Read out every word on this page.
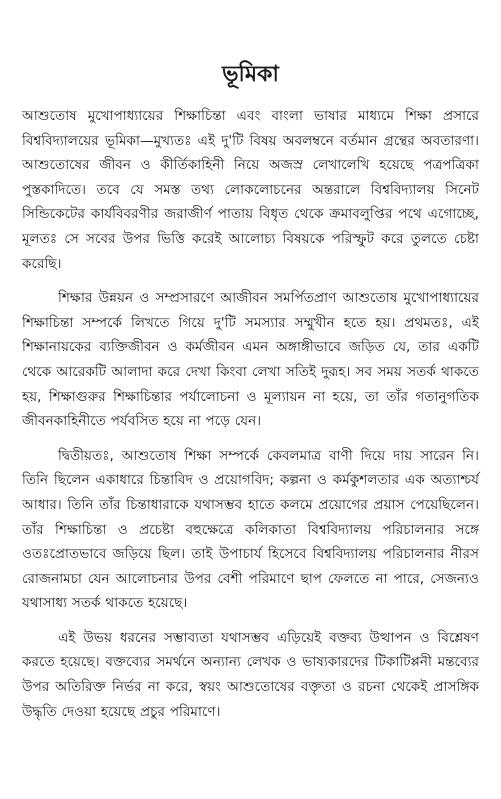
ভূমিকা

আশুতোষ মুখোপাধ্যায়ের শিক্ষাচিন্তা এবং বাংলা ভাষার মাধ্যমে শিক্ষা প্রসারে বিশ্ববিদ্যালয়ের ভূমিকা—মুখ্যতঃ এই দু'টি বিষয় অবলম্বনে বর্তমান গ্রন্থের অবতারণা। আশুতোষের জীবন ও কীর্তিকাহিনী নিয়ে অজস্র লেখালেখি হয়েছে পত্রপত্রিকা পুস্তকাদিতে। তবে যে সমস্ত তথ্য লোকলোচনের অন্তরালে বিশ্ববিদ্যালয় সিনেট সিন্ডিকেটের কার্যবিবরণীর জরাজীর্ণ পাতায় বিধৃত থেকে ক্রমাবলুপ্তির পথে এগোচ্ছে, মূলতঃ সে সবের উপর ভিত্তি করেই আলোচ্য বিষয়কে পরিস্ফুট করে তুলতে চেষ্টা করেছি।

শিক্ষার উন্নয়ন ও সম্প্রসারণে আজীবন সমর্পিতপ্রাণ আশুতোষ মুখোপাধ্যায়ের শিক্ষাচিন্তা সম্পর্কে লিখতে গিয়ে দু'টি সমস্যার সম্মুখীন হতে হয়। প্রথমতঃ, এই শিক্ষানায়কের ব্যক্তিজীবন ও কর্মজীবন এমন অঙ্গাঙ্গীভাবে জড়িত যে, তার একটি থেকে আরেকটি আলাদা করে দেখা কিংবা লেখা সতিই দুরূহ। সব সময় সতর্ক থাকতে হয়, শিক্ষাগুরুর শিক্ষাচিন্তার পর্যালোচনা ও মূল্যায়ন না হয়ে, তা তাঁর গতানুগতিক জীবনকাহিনীতে পর্যবসিত হয়ে না পড়ে যেন।

দ্বিতীয়তঃ, আশুতোষ শিক্ষা সম্পর্কে কেবলমাত্র বাণী দিয়ে দায় সারেন নি। তিনি ছিলেন একাধারে চিন্তাবিদ ও প্রয়োগবিদ; কল্পনা ও কর্মকুশলতার এক অত্যাশ্চর্য আধার। তিনি তাঁর চিন্তাধারাকে যথাসম্ভব হাতে কলমে প্রয়োগের প্রয়াস পেয়েছিলেন। তাঁর শিক্ষাচিন্তা ও প্রচেষ্টা বহুক্ষেত্রে কলিকাতা বিশ্ববিদ্যালয় পরিচালনার সঙ্গে ওতঃপ্রোতভাবে জড়িয়ে ছিল। তাই উপাচার্য হিসেবে বিশ্ববিদ্যালয় পরিচালনার নীরস রোজনামচা যেন আলোচনার উপর বেশী পরিমাণে ছাপ ফেলতে না পারে, সেজন্যও যথাসাধ্য সতর্ক থাকতে হয়েছে।

এই উভয় ধরনের সম্ভাব্যতা যথাসম্ভব এড়িয়েই বক্তব্য উত্থাপন ও বিশ্লেষণ করতে হয়েছে। বক্তব্যের সমর্থনে অন্যান্য লেখক ও ভাষ্যকারদের টিকাটিপ্পনী মন্তব্যের উপর অতিরিক্ত নির্ভর না করে, স্বয়ং আশুতোষের বক্তৃতা ও রচনা থেকেই প্রাসঙ্গিক উদ্ধৃতি দেওয়া হয়েছে প্রচুর পরিমাণে।
